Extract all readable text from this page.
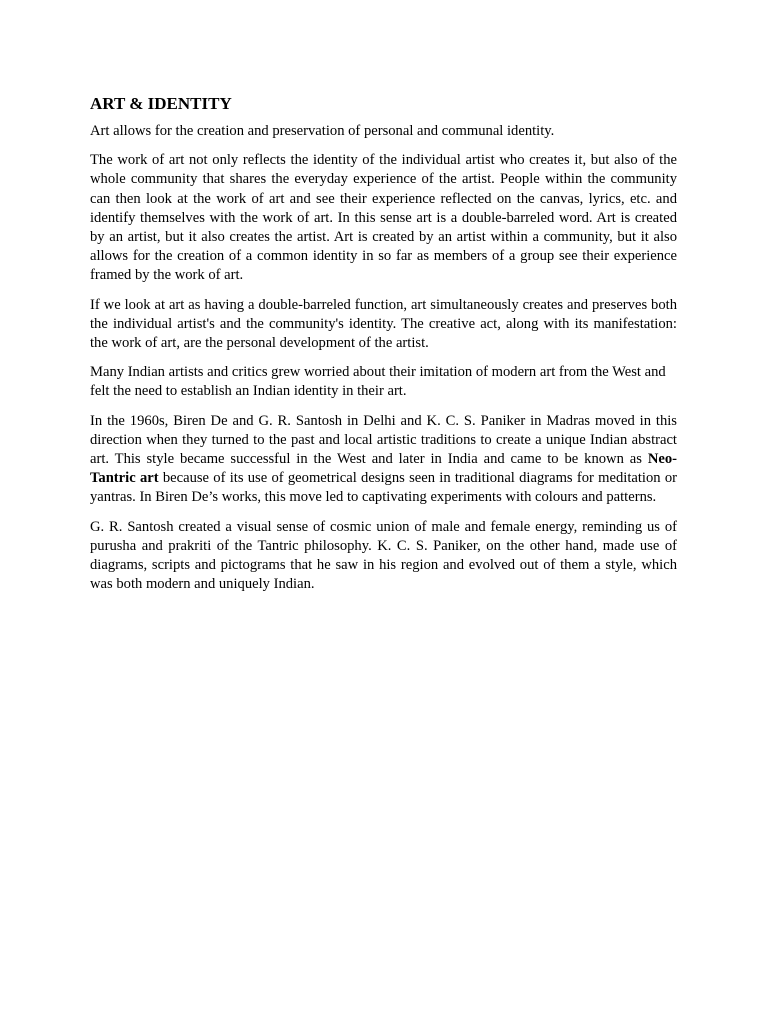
ART & IDENTITY

Art allows for the creation and preservation of personal and communal identity.

The work of art not only reflects the identity of the individual artist who creates it, but also of the whole community that shares the everyday experience of the artist. People within the community can then look at the work of art and see their experience reflected on the canvas, lyrics, etc. and identify themselves with the work of art. In this sense art is a double-barreled word. Art is created by an artist, but it also creates the artist. Art is created by an artist within a community, but it also allows for the creation of a common identity in so far as members of a group see their experience framed by the work of art.

If we look at art as having a double-barreled function, art simultaneously creates and preserves both the individual artist's and the community's identity. The creative act, along with its manifestation: the work of art, are the personal development of the artist.

Many Indian artists and critics grew worried about their imitation of modern art from the West and felt the need to establish an Indian identity in their art.

In the 1960s, Biren De and G. R. Santosh in Delhi and K. C. S. Paniker in Madras moved in this direction when they turned to the past and local artistic traditions to create a unique Indian abstract art. This style became successful in the West and later in India and came to be known as Neo-Tantric art because of its use of geometrical designs seen in traditional diagrams for meditation or yantras. In Biren De’s works, this move led to captivating experiments with colours and patterns.

G. R. Santosh created a visual sense of cosmic union of male and female energy, reminding us of purusha and prakriti of the Tantric philosophy. K. C. S. Paniker, on the other hand, made use of diagrams, scripts and pictograms that he saw in his region and evolved out of them a style, which was both modern and uniquely Indian.
